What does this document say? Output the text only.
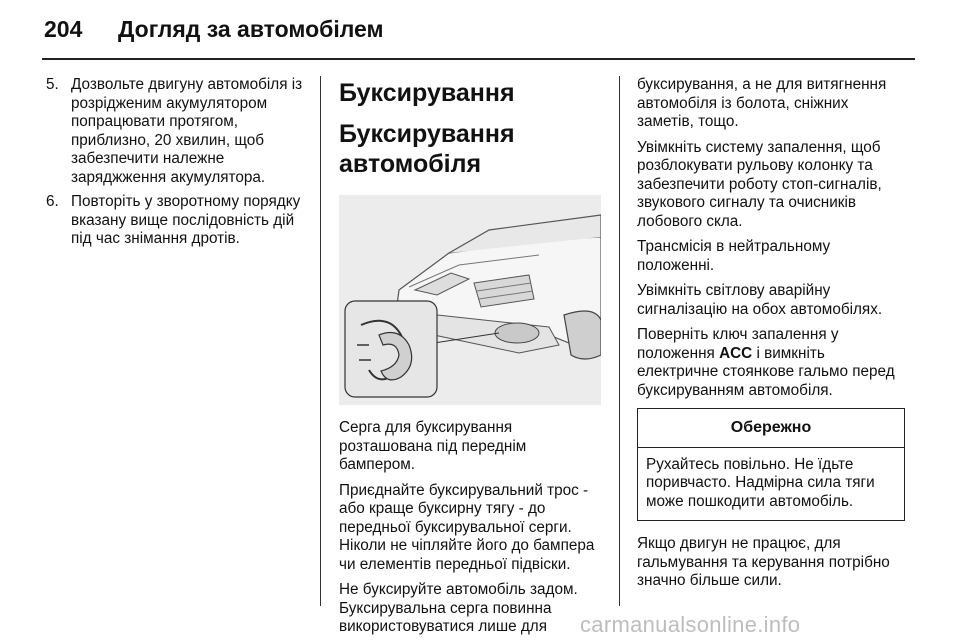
204 Догляд за автомобілем
5. Дозвольте двигуну автомобіля із розрідженим акумулятором попрацювати протягом, приблизно, 20 хвилин, щоб забезпечити належне заряджження акумулятора.
6. Повторіть у зворотному порядку вказану вище послідовність дій під час знімання дротів.
Буксирування
Буксирування автомобіля

Серга для буксирування розташована під переднім бампером.

Приєднайте буксирувальний трос - або краще буксирну тягу - до передньої буксирувальної серги. Ніколи не чіпляйте його до бампера чи елементів передньої підвіски.

Не буксируйте автомобіль задом. Буксирувальна серга повинна використовуватися лише для

буксирування, а не для витягнення автомобіля із болота, сніжних заметів, тощо.

Увімкніть систему запалення, щоб розблокувати рульову колонку та забезпечити роботу стоп-сигналів, звукового сигналу та очисників лобового скла.

Трансмісія в нейтральному положенні.

Увімкніть світлову аварійну сигналізацію на обох автомобілях.

Поверніть ключ запалення у положення ACC і вимкніть електричне стоянкове гальмо перед буксируванням автомобіля.

Обережно
Рухайтесь повільно. Не їдьте поривчасто. Надмірна сила тяги може пошкодити автомобіль.

Якщо двигун не працює, для гальмування та керування потрібно значно більше сили.

carmanualsonline.info
